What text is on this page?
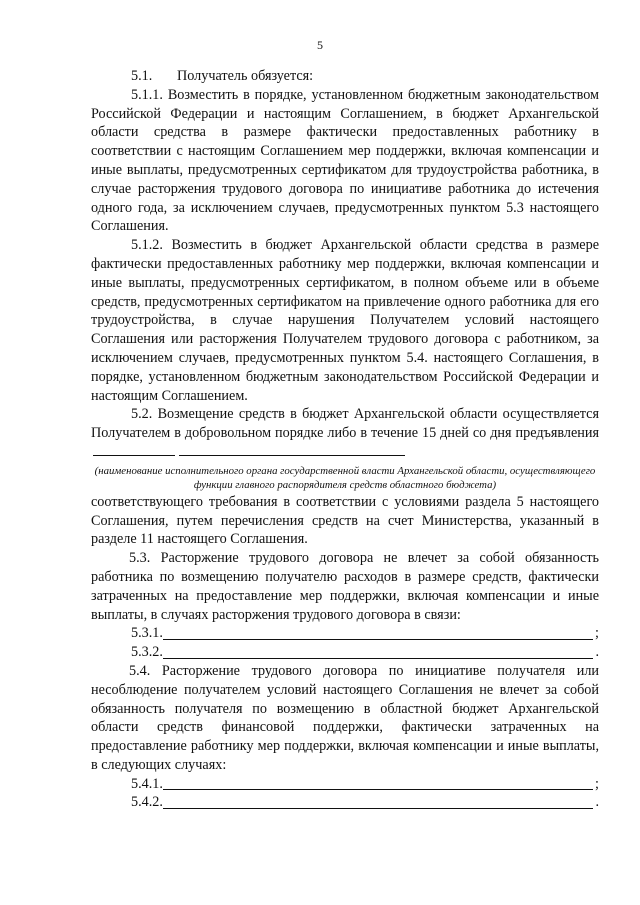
5

5.1. Получатель обязуется:

5.1.1. Возместить в порядке, установленном бюджетным законодательством Российской Федерации и настоящим Соглашением, в бюджет Архангельской области средства в размере фактически предоставленных работнику в соответствии с настоящим Соглашением мер поддержки, включая компенсации и иные выплаты, предусмотренных сертификатом для трудоустройства работника, в случае расторжения трудового договора по инициативе работника до истечения одного года, за исключением случаев, предусмотренных пунктом 5.3 настоящего Соглашения.

5.1.2. Возместить в бюджет Архангельской области средства в размере фактически предоставленных работнику мер поддержки, включая компенсации и иные выплаты, предусмотренных сертификатом, в полном объеме или в объеме средств, предусмотренных сертификатом на привлечение одного работника для его трудоустройства, в случае нарушения Получателем условий настоящего Соглашения или расторжения Получателем трудового договора с работником, за исключением случаев, предусмотренных пунктом 5.4. настоящего Соглашения, в порядке, установленном бюджетным законодательством Российской Федерации и настоящим Соглашением.

5.2. Возмещение средств в бюджет Архангельской области осуществляется Получателем в добровольном порядке либо в течение 15 дней со дня предъявления

(наименование исполнительного органа государственной власти Архангельской области, осуществляющего функции главного распорядителя средств областного бюджета)

соответствующего требования в соответствии с условиями раздела 5 настоящего Соглашения, путем перечисления средств на счет Министерства, указанный в разделе 11 настоящего Соглашения.

5.3. Расторжение трудового договора не влечет за собой обязанность работника по возмещению получателю расходов в размере средств, фактически затраченных на предоставление мер поддержки, включая компенсации и иные выплаты, в случаях расторжения трудового договора в связи:

5.3.1.	;
5.3.2.	.

5.4. Расторжение трудового договора по инициативе получателя или несоблюдение получателем условий настоящего Соглашения не влечет за собой обязанность получателя по возмещению в областной бюджет Архангельской области средств финансовой поддержки, фактически затраченных на предоставление работнику мер поддержки, включая компенсации и иные выплаты, в следующих случаях:

5.4.1.	;
5.4.2.	.
